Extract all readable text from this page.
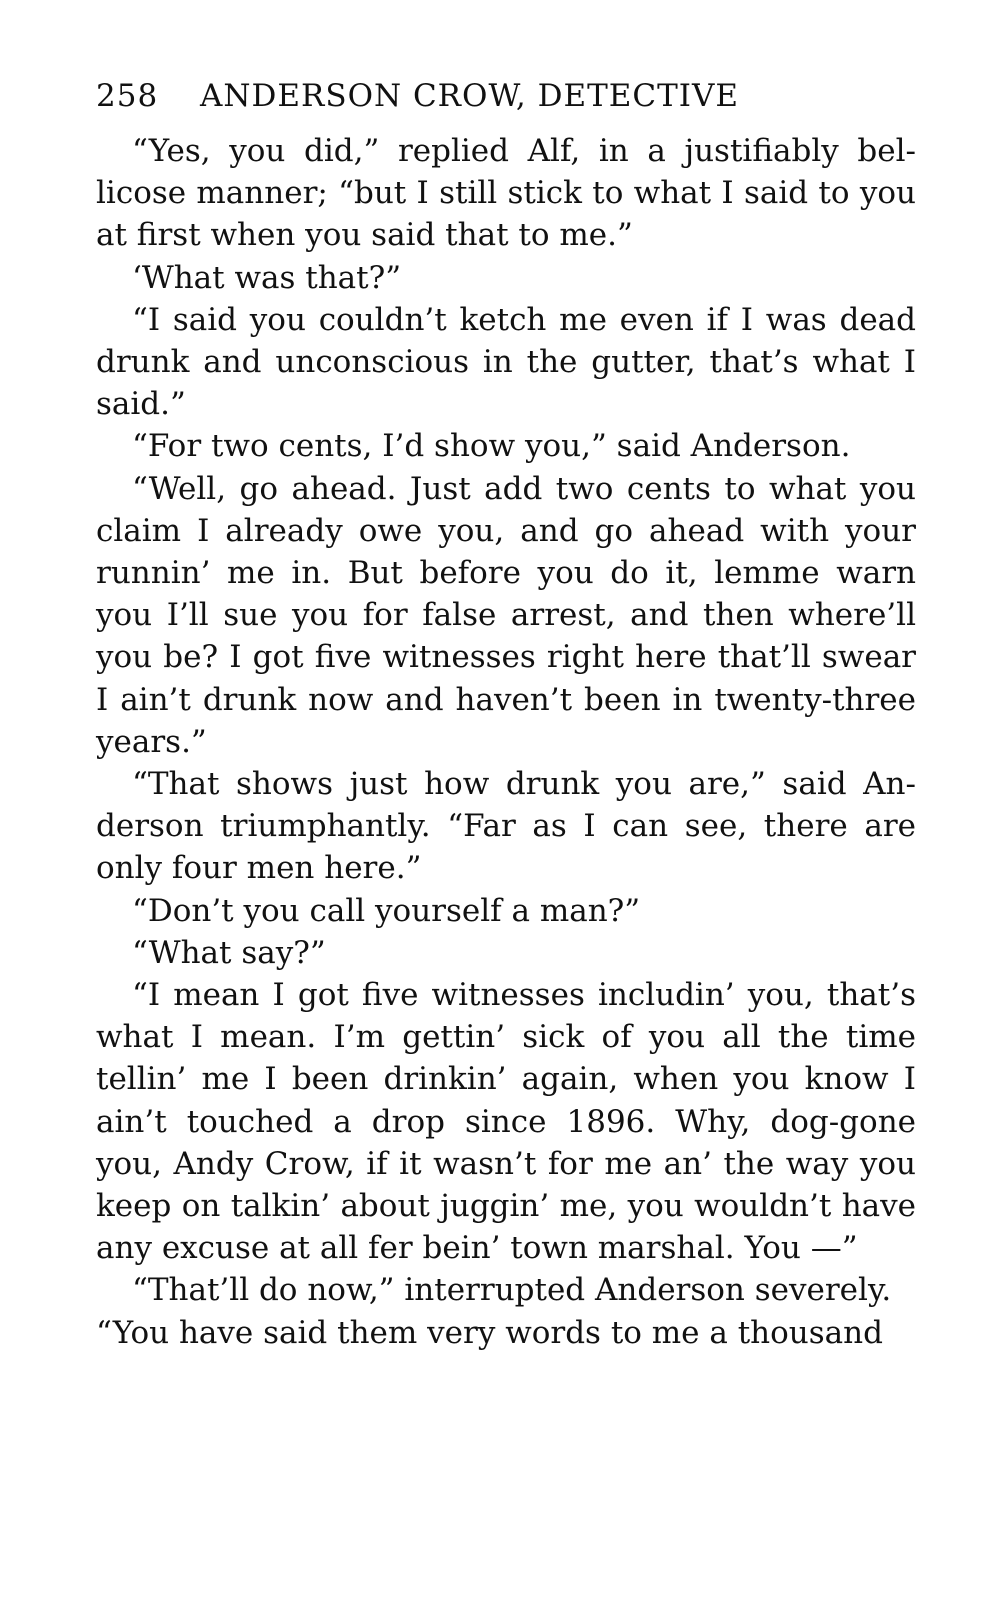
258	ANDERSON CROW, DETECTIVE

“Yes, you did,” replied Alf, in a justifiably bellicose manner; “but I still stick to what I said to you at first when you said that to me.”

‘What was that?”

“I said you couldn’t ketch me even if I was dead drunk and unconscious in the gutter, that’s what I said.”

“For two cents, I’d show you,” said Anderson.

“Well, go ahead. Just add two cents to what you claim I already owe you, and go ahead with your runnin’ me in. But before you do it, lemme warn you I’ll sue you for false arrest, and then where’ll you be? I got five witnesses right here that’ll swear I ain’t drunk now and haven’t been in twenty-three years.”

“That shows just how drunk you are,” said Anderson triumphantly. “Far as I can see, there are only four men here.”

“Don’t you call yourself a man?”

“What say?”

“I mean I got five witnesses includin’ you, that’s what I mean. I’m gettin’ sick of you all the time tellin’ me I been drinkin’ again, when you know I ain’t touched a drop since 1896. Why, dog-gone you, Andy Crow, if it wasn’t for me an’ the way you keep on talkin’ about juggin’ me, you wouldn’t have any excuse at all fer bein’ town marshal. You —”

“That’ll do now,” interrupted Anderson severely.

“You have said them very words to me a thousand
